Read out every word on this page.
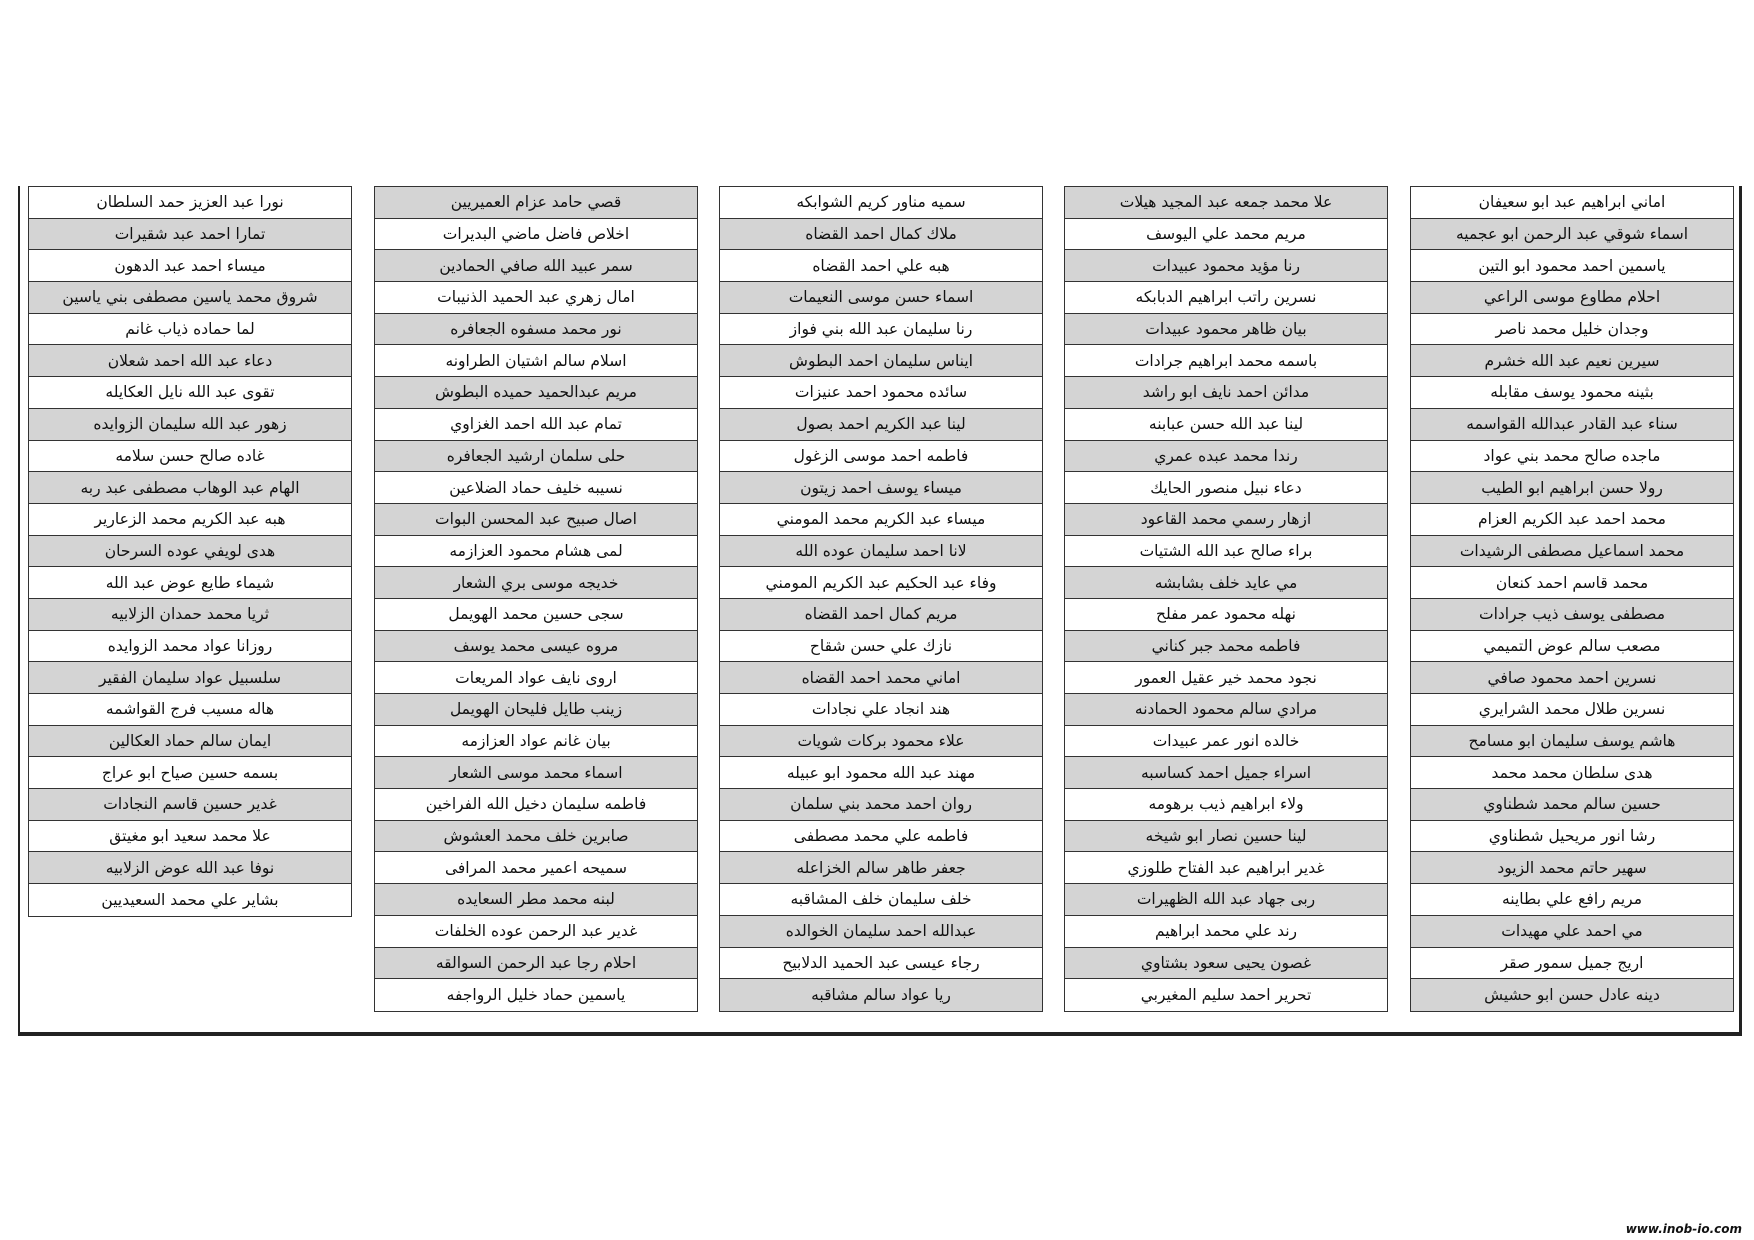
اماني ابراهيم عبد ابو سعيفان
اسماء شوقي عبد الرحمن ابو عجميه
ياسمين احمد محمود ابو التين
احلام مطاوع موسى الراعي
وجدان خليل محمد ناصر
سيرين نعيم عبد الله خشرم
بثينه محمود يوسف مقابله
سناء عبد القادر عبدالله القواسمه
ماجده صالح محمد بني عواد
رولا حسن ابراهيم ابو الطيب
محمد احمد عبد الكريم العزام
محمد اسماعيل مصطفى الرشيدات
محمد قاسم احمد كنعان
مصطفى يوسف ذيب جرادات
مصعب سالم عوض التميمي
نسرين احمد محمود صافي
نسرين طلال محمد الشرايري
هاشم يوسف سليمان ابو مسامح
هدى سلطان محمد محمد
حسين سالم محمد شطناوي
رشا انور مريحيل شطناوي
سهير حاتم محمد الزيود
مريم رافع علي بطاينه
مي احمد علي مهيدات
اريج جميل سمور صقر
دينه عادل حسن ابو حشيش
علا محمد جمعه عبد المجيد هيلات
مريم محمد علي اليوسف
رنا مؤيد محمود عبيدات
نسرين راتب ابراهيم الدبابكه
بيان ظاهر محمود عبيدات
باسمه محمد ابراهيم جرادات
مدائن احمد نايف ابو راشد
لينا عبد الله حسن عبابنه
رندا محمد عبده عمري
دعاء نبيل منصور الحايك
ازهار رسمي محمد القاعود
براء صالح عبد الله الشتيات
مي عايد خلف بشابشه
نهله محمود عمر مفلح
فاطمه محمد جبر كناني
نجود محمد خير عقيل العمور
مرادي سالم محمود الحمادنه
خالده انور عمر عبيدات
اسراء جميل احمد كساسبه
ولاء ابراهيم ذيب برهومه
لينا حسين نصار ابو شيخه
غدير ابراهيم عبد الفتاح طلوزي
ربى جهاد عبد الله الظهيرات
رند علي محمد ابراهيم
غصون يحيى سعود بشتاوي
تحرير احمد سليم المغيربي
سميه مناور كريم الشوابكه
ملاك كمال احمد القضاه
هبه علي احمد القضاه
اسماء حسن موسى النعيمات
رنا سليمان عبد الله بني فواز
ايناس سليمان احمد البطوش
سائده محمود احمد عنيزات
لينا عبد الكريم احمد بصول
فاطمه احمد موسى الزغول
ميساء يوسف احمد زيتون
ميساء عبد الكريم محمد المومني
لانا احمد سليمان عوده الله
وفاء عبد الحكيم عبد الكريم المومني
مريم كمال احمد القضاه
نازك علي حسن شقاح
اماني محمد احمد القضاه
هند انجاد علي نجادات
علاء محمود بركات شويات
مهند عبد الله محمود ابو عبيله
روان احمد محمد بني سلمان
فاطمه علي محمد مصطفى
جعفر طاهر سالم الخزاعله
خلف سليمان خلف المشاقبه
عبدالله احمد سليمان الخوالده
رجاء عيسى عبد الحميد الدلابيح
ريا عواد سالم مشاقبه
قصي حامد عزام العميريين
اخلاص فاضل ماضي البديرات
سمر عبيد الله صافي الحمادين
امال زهري عبد الحميد الذنيبات
نور محمد مسفوه الجعافره
اسلام سالم اشتيان الطراونه
مريم عبدالحميد حميده البطوش
تمام عبد الله احمد الغزاوي
حلى سلمان ارشيد الجعافره
نسيبه خليف حماد الضلاعين
اصال صبيح عبد المحسن البوات
لمى هشام محمود العزازمه
خديجه موسى بري الشعار
سجى حسين محمد الهويمل
مروه عيسى محمد يوسف
اروى نايف عواد المريعات
زينب طايل فليحان الهويمل
بيان غانم عواد العزازمه
اسماء محمد موسى الشعار
فاطمه سليمان دخيل الله الفراخين
صابرين خلف محمد العشوش
سميحه اعمير محمد المرافى
لبنه محمد مطر السعايده
غدير عبد الرحمن عوده الخلفات
احلام رجا عبد الرحمن السوالقه
ياسمين حماد خليل الرواجفه
نورا عبد العزيز حمد السلطان
تمارا احمد عبد شقيرات
ميساء احمد عبد الدهون
شروق محمد ياسين مصطفى بني ياسين
لما حماده ذياب غانم
دعاء عبد الله احمد شعلان
تقوى عبد الله نايل العكايله
زهور عبد الله سليمان الزوايده
غاده صالح حسن سلامه
الهام عبد الوهاب مصطفى عبد ربه
هبه عبد الكريم محمد الزعارير
هدى لويفي عوده السرحان
شيماء طايع عوض عبد الله
ثريا محمد حمدان الزلابيه
روزانا عواد محمد الزوايده
سلسبيل عواد سليمان الفقير
هاله مسيب فرج القواشمه
ايمان سالم حماد العكالين
بسمه حسين صياح ابو عراج
غدير حسين قاسم النجادات
علا محمد سعيد ابو مغيتق
نوفا عبد الله عوض الزلابيه
بشاير علي محمد السعيديين
www.inob-io.com
